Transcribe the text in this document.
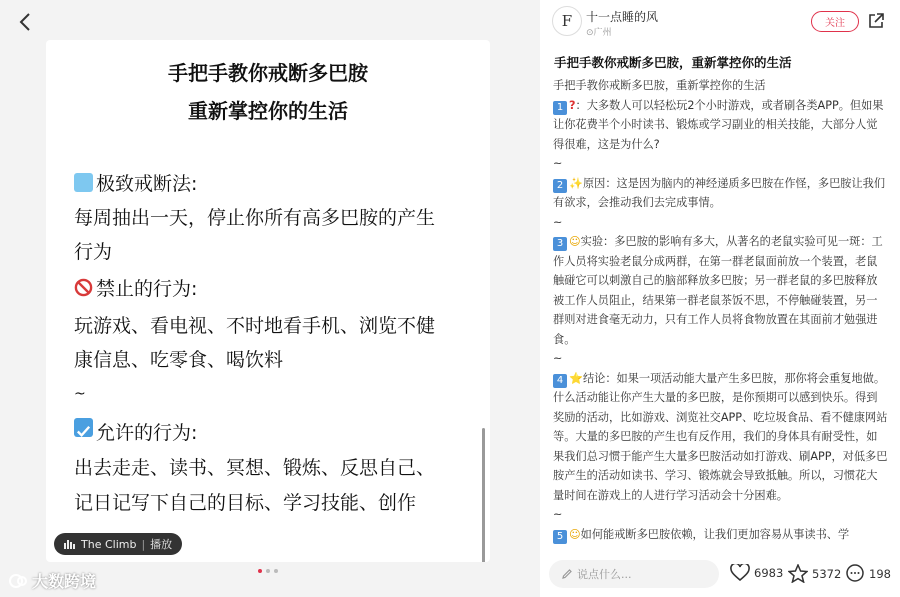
手把手教你戒断多巴胺
重新掌控你的生活
极致戒断法:
每周抽出一天，停止你所有高多巴胺的产生
行为
禁止的行为:
玩游戏、看电视、不时地看手机、浏览不健
康信息、吃零食、喝饮料
~
允许的行为:
出去走走、读书、冥想、锻炼、反思自己、
记日记写下自己的目标、学习技能、创作
The Climb | 播放
大数跨境
F 十一点睡的风
⊙广州
关注
手把手教你戒断多巴胺，重新掌控你的生活

手把手教你戒断多巴胺，重新掌控你的生活

1 ?：大多数人可以轻松玩2个小时游戏，或者刷各类APP。但如果让你花费半个小时读书、锻炼或学习副业的相关技能，大部分人觉得很难，这是为什么?

~

2 ✨原因：这是因为脑内的神经递质多巴胺在作怪，多巴胺让我们有欲求，会推动我们去完成事情。

~

3 ☺实验：多巴胺的影响有多大，从著名的老鼠实验可见一斑：工作人员将实验老鼠分成两群，在第一群老鼠面前放一个装置，老鼠触碰它可以刺激自己的脑部释放多巴胺；另一群老鼠的多巴胺释放被工作人员阻止，结果第一群老鼠茶饭不思，不停触碰装置，另一群则对进食毫无动力，只有工作人员将食物放置在其面前才勉强进食。

~

4 ⭐结论：如果一项活动能大量产生多巴胺，那你将会重复地做。什么活动能让你产生大量的多巴胺，是你预期可以感到快乐。得到奖励的活动，比如游戏、浏览社交APP、吃垃圾食品、看不健康网站等。大量的多巴胺的产生也有反作用，我们的身体具有耐受性，如果我们总习惯于能产生大量多巴胺活动如打游戏、刷APP，对低多巴胺产生的活动如读书、学习、锻炼就会导致抵触。所以，习惯花大量时间在游戏上的人进行学习活动会十分困难。

~

5 ☺如何能戒断多巴胺依赖，让我们更加容易从事读书、学

说点什么...	6983 5372 198
